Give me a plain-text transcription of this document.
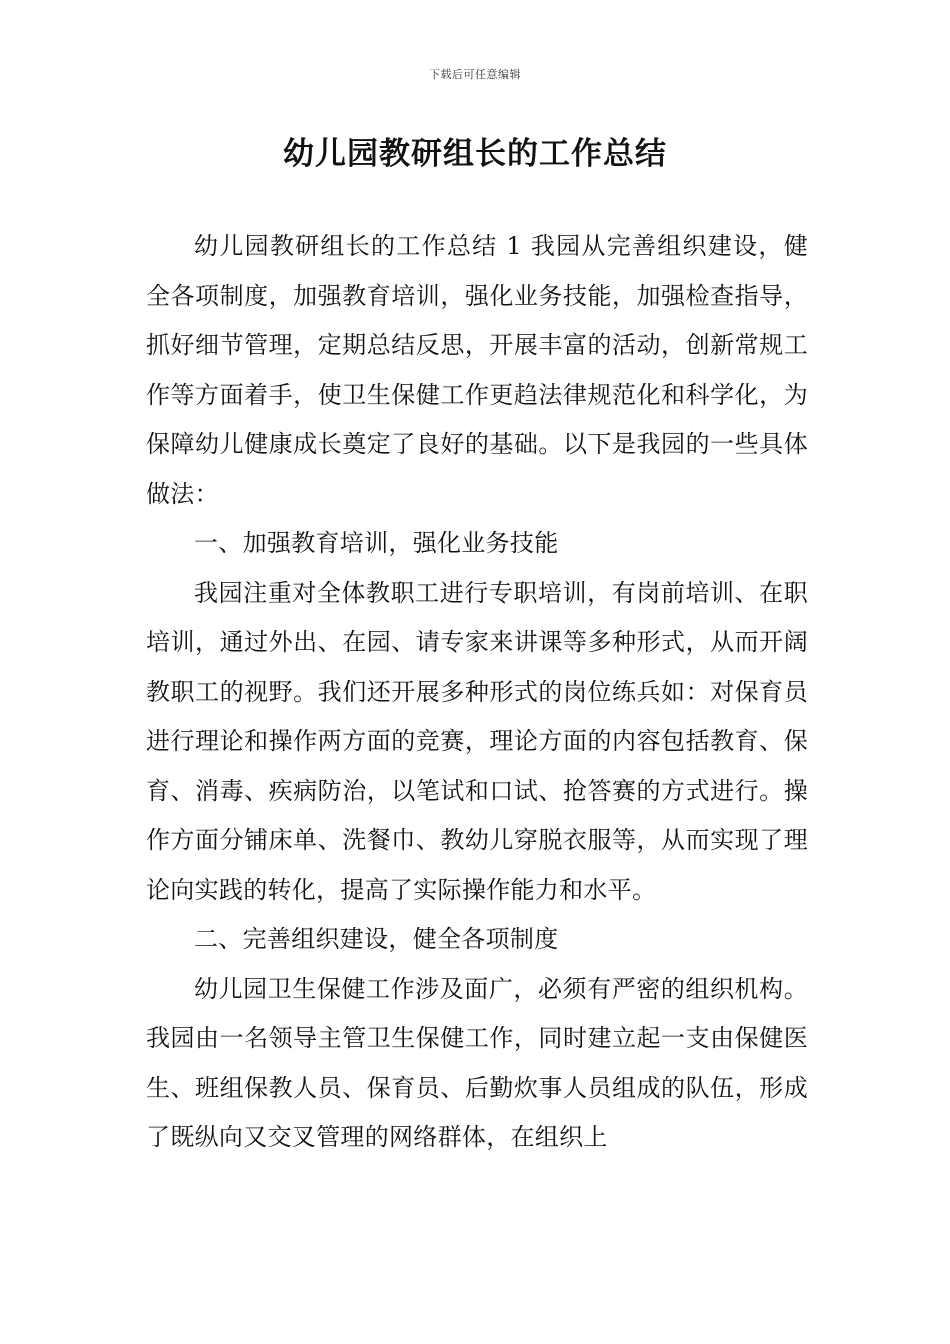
下载后可任意编辑
幼儿园教研组长的工作总结

幼儿园教研组长的工作总结 1 我园从完善组织建设，健全各项制度，加强教育培训，强化业务技能，加强检查指导，抓好细节管理，定期总结反思，开展丰富的活动，创新常规工作等方面着手，使卫生保健工作更趋法律规范化和科学化，为保障幼儿健康成长奠定了良好的基础。以下是我园的一些具体做法：

一、加强教育培训，强化业务技能

我园注重对全体教职工进行专职培训，有岗前培训、在职培训，通过外出、在园、请专家来讲课等多种形式，从而开阔教职工的视野。我们还开展多种形式的岗位练兵如：对保育员进行理论和操作两方面的竞赛，理论方面的内容包括教育、保育、消毒、疾病防治，以笔试和口试、抢答赛的方式进行。操作方面分铺床单、洗餐巾、教幼儿穿脱衣服等，从而实现了理论向实践的转化，提高了实际操作能力和水平。

二、完善组织建设，健全各项制度

幼儿园卫生保健工作涉及面广，必须有严密的组织机构。我园由一名领导主管卫生保健工作，同时建立起一支由保健医生、班组保教人员、保育员、后勤炊事人员组成的队伍，形成了既纵向又交叉管理的网络群体，在组织上
